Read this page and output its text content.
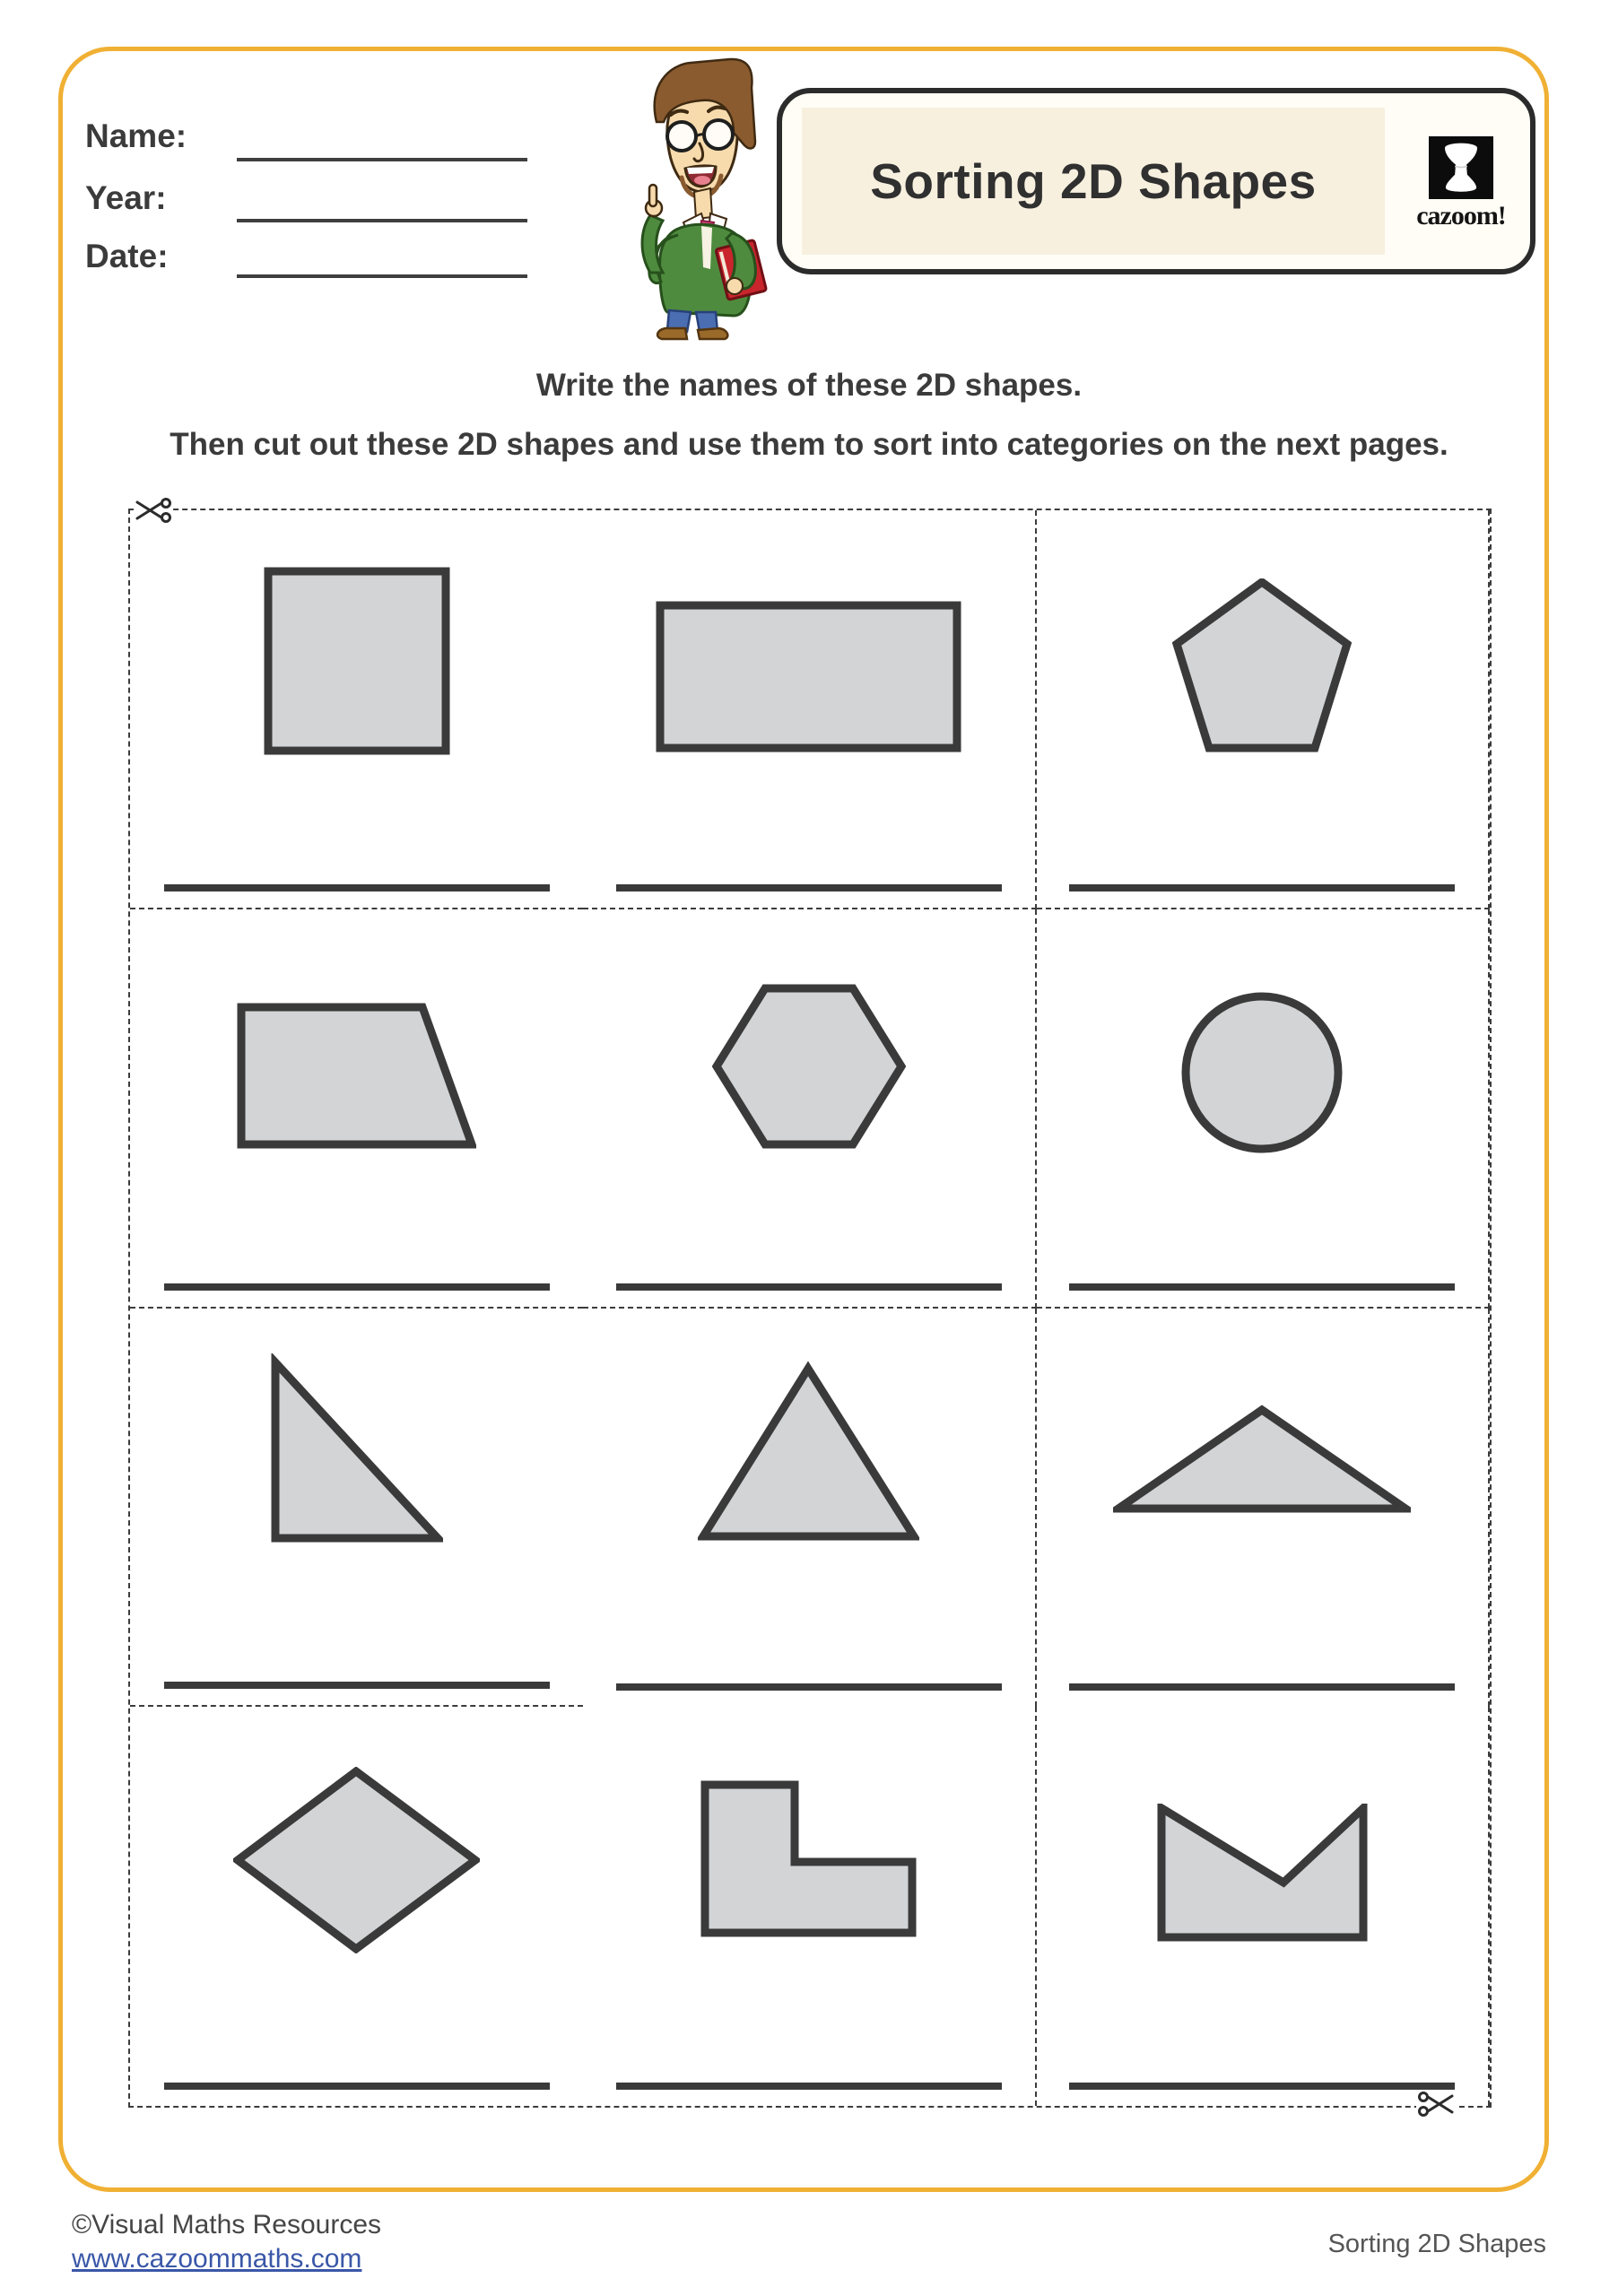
Name:
Year:
Date:
Sorting 2D Shapes
cazoom!
Write the names of these 2D shapes.
Then cut out these 2D shapes and use them to sort into categories on the next pages.
©Visual Maths Resources
www.cazoommaths.com	Sorting 2D Shapes
